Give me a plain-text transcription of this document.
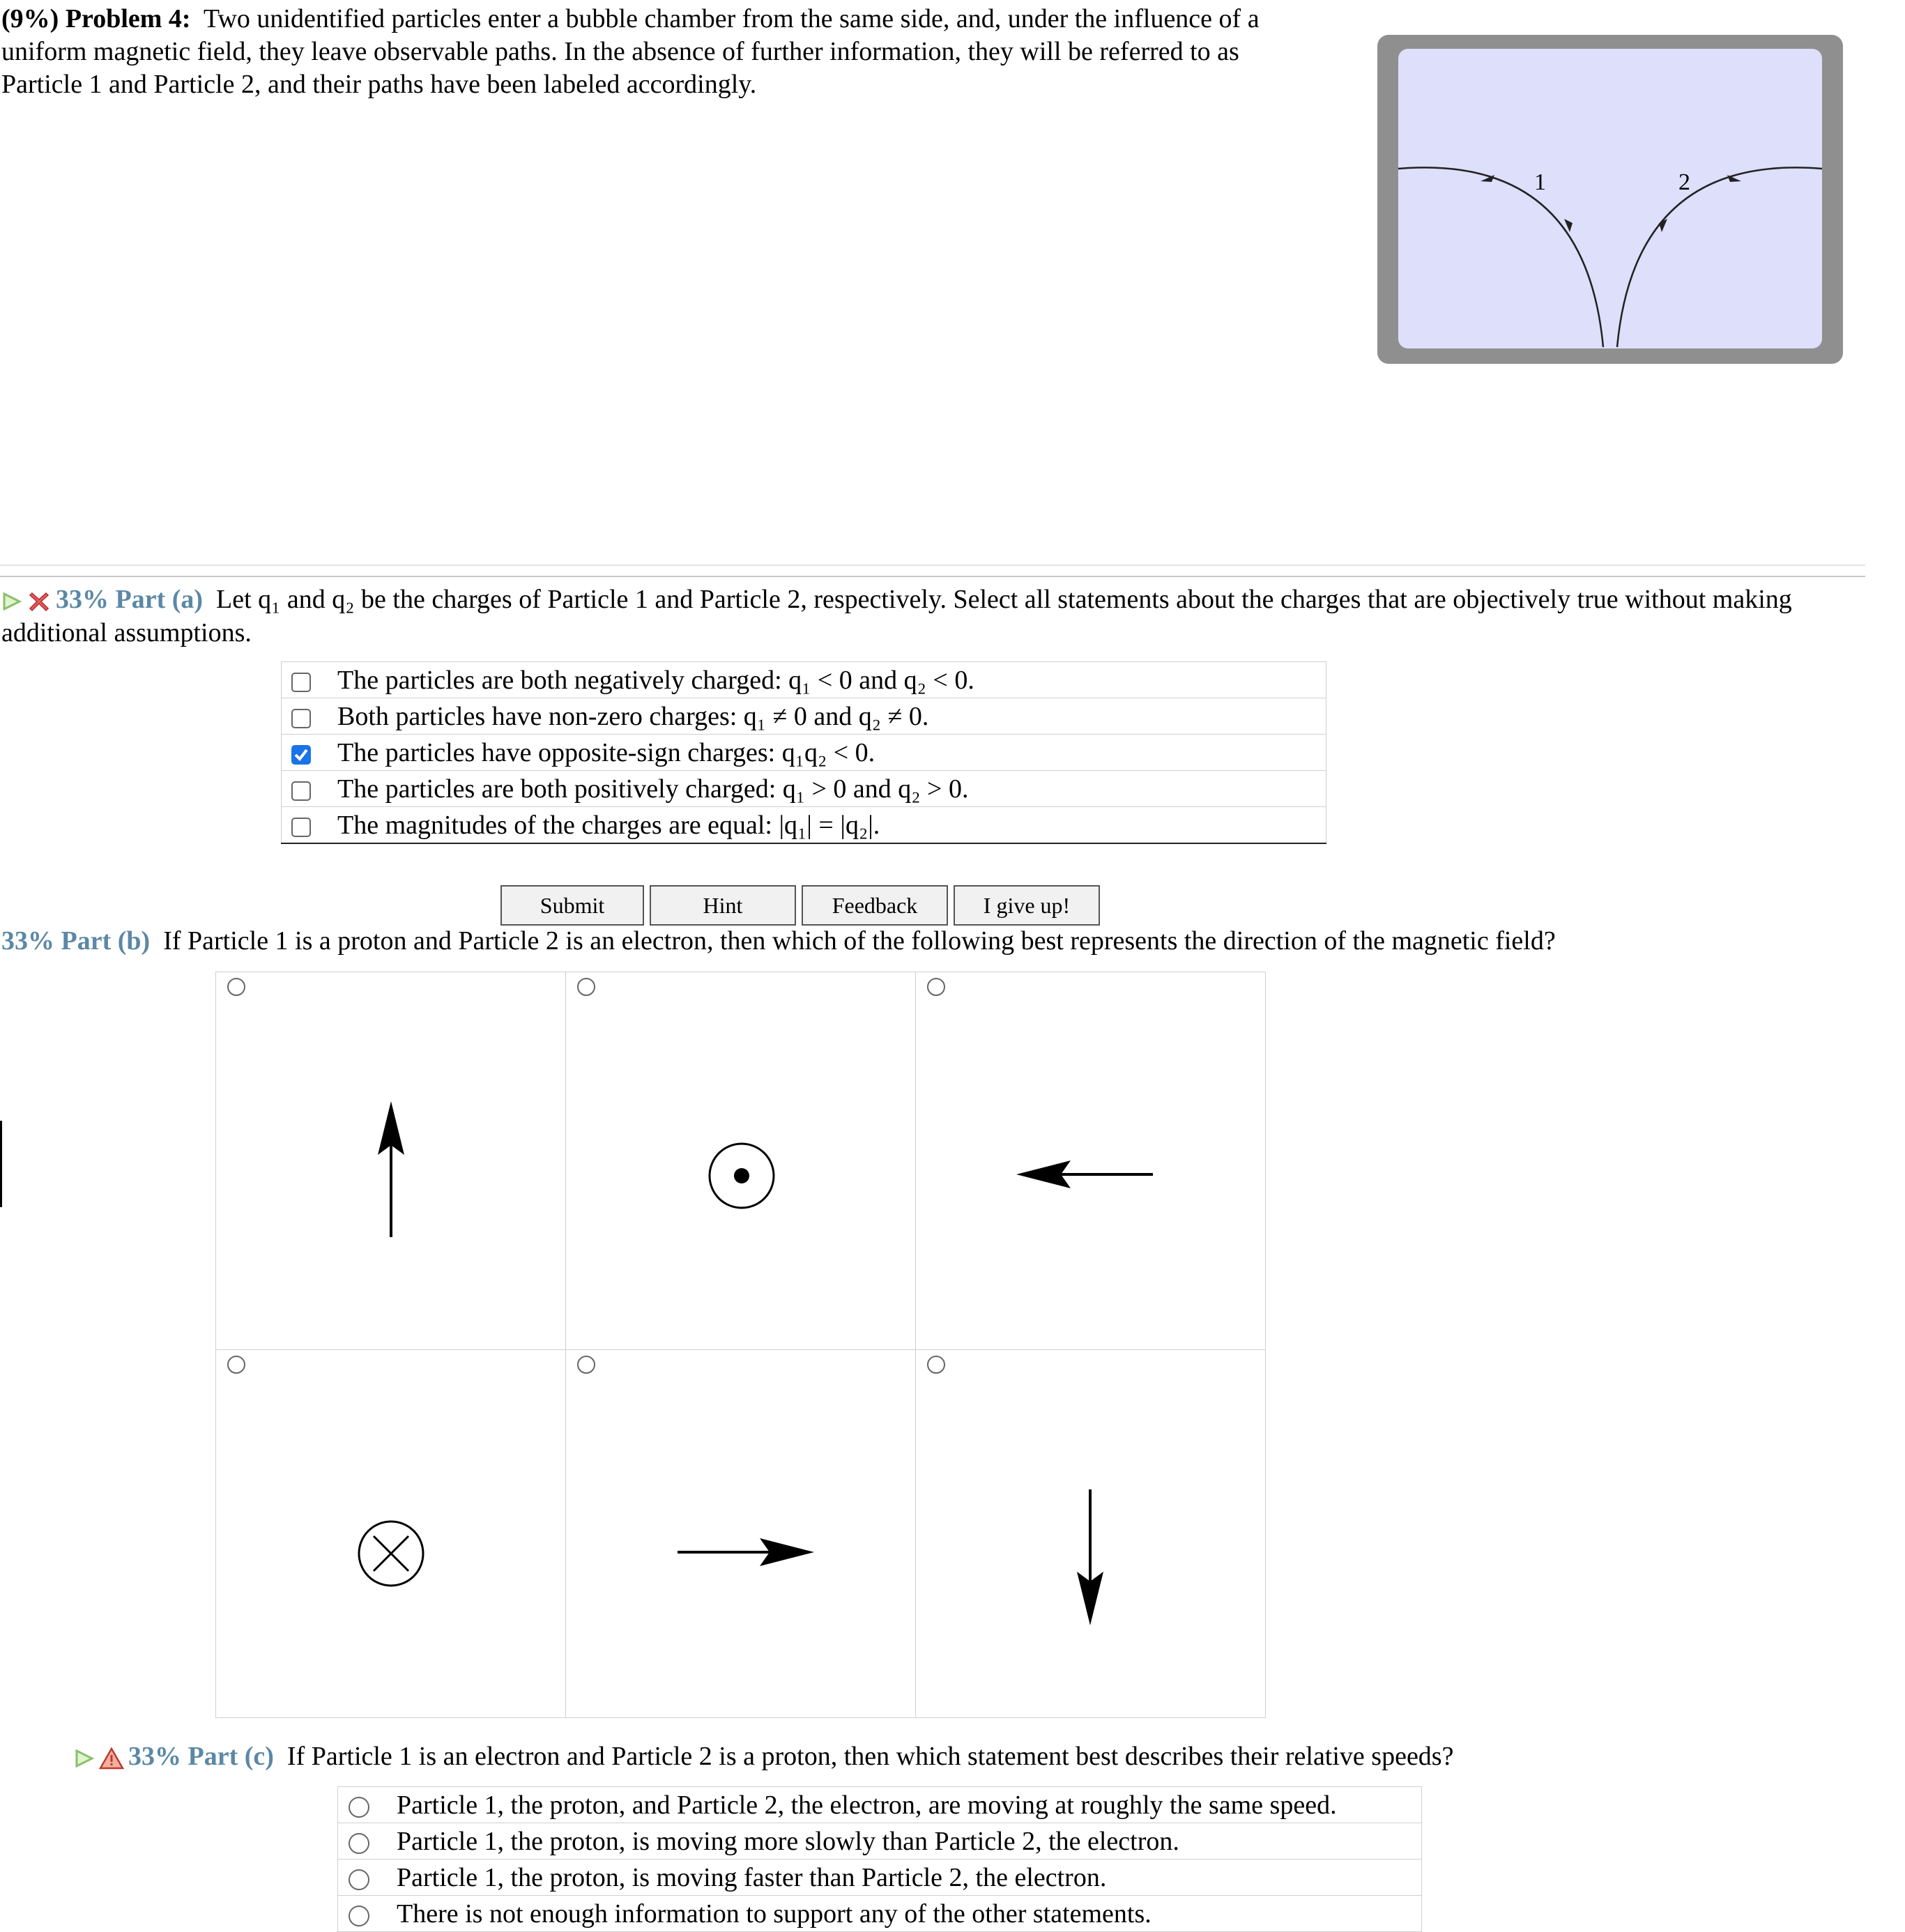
(9%) Problem 4: Two unidentified particles enter a bubble chamber from the same side, and, under the influence of a uniform magnetic field, they leave observable paths. In the absence of further information, they will be referred to as Particle 1 and Particle 2, and their paths have been labeled accordingly.
1	2
33% Part (a) Let q₁ and q₂ be the charges of Particle 1 and Particle 2, respectively. Select all statements about the charges that are objectively true without making additional assumptions.
	The particles are both negatively charged: q₁ < 0 and q₂ < 0.
	Both particles have non-zero charges: q₁ ≠ 0 and q₂ ≠ 0.

	The particles have opposite-sign charges: q₁q₂ < 0.
	The particles are both positively charged: q₁ > 0 and q₂ > 0.
	The magnitudes of the charges are equal: |q₁| = |q₂|.
Submit	Hint	Feedback	I give up!
33% Part (b) If Particle 1 is a proton and Particle 2 is an electron, then which of the following best represents the direction of the magnetic field?
33% Part (c) If Particle 1 is an electron and Particle 2 is a proton, then which statement best describes their relative speeds?
	Particle 1, the proton, and Particle 2, the electron, are moving at roughly the same speed.
	Particle 1, the proton, is moving more slowly than Particle 2, the electron.
	Particle 1, the proton, is moving faster than Particle 2, the electron.
	There is not enough information to support any of the other statements.
